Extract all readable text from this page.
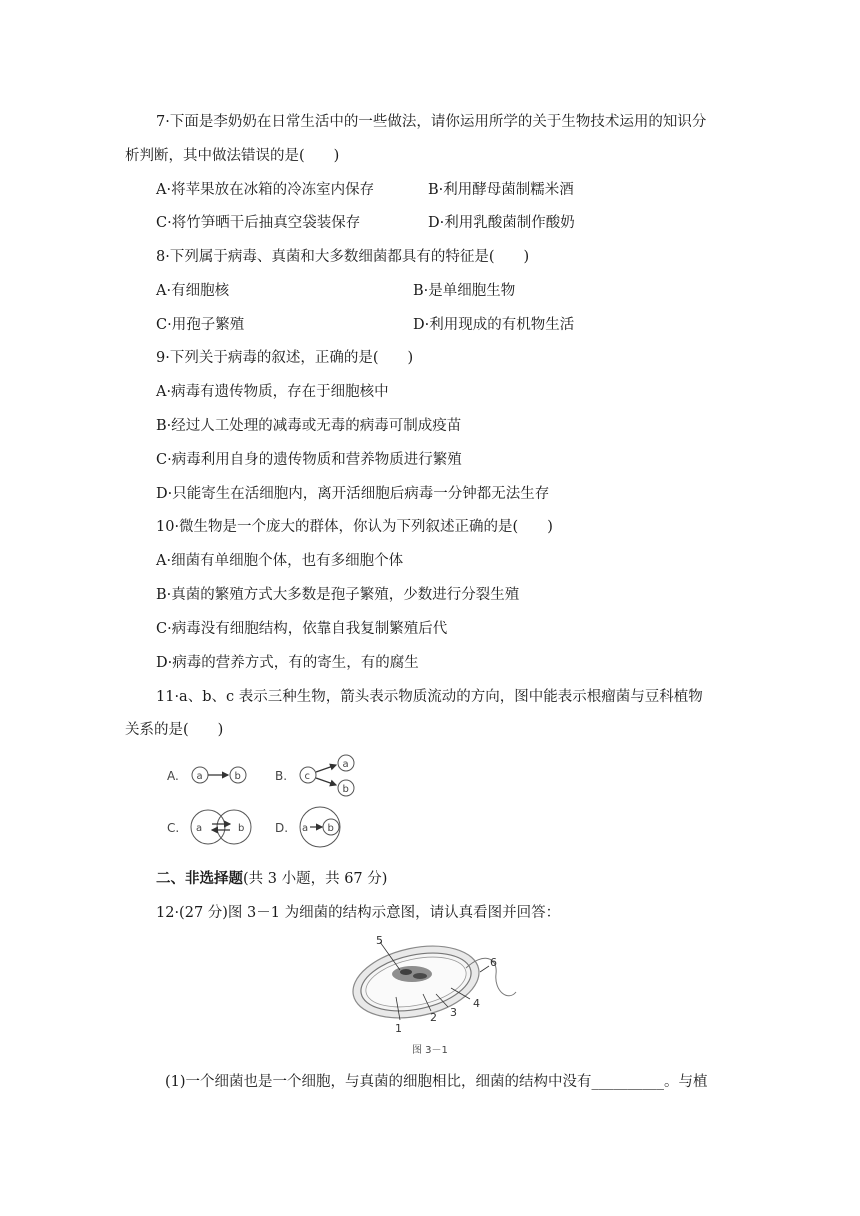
7·下面是李奶奶在日常生活中的一些做法，请你运用所学的关于生物技术运用的知识分
析判断，其中做法错误的是(　　)
A·将苹果放在冰箱的冷冻室内保存	B·利用酵母菌制糯米酒
C·将竹笋晒干后抽真空袋装保存	D·利用乳酸菌制作酸奶
8·下列属于病毒、真菌和大多数细菌都具有的特征是(　　)
A·有细胞核	B·是单细胞生物
C·用孢子繁殖	D·利用现成的有机物生活
9·下列关于病毒的叙述，正确的是(　　)
A·病毒有遗传物质，存在于细胞核中
B·经过人工处理的减毒或无毒的病毒可制成疫苗
C·病毒利用自身的遗传物质和营养物质进行繁殖
D·只能寄生在活细胞内，离开活细胞后病毒一分钟都无法生存
10·微生物是一个庞大的群体，你认为下列叙述正确的是(　　)
A·细菌有单细胞个体，也有多细胞个体
B·真菌的繁殖方式大多数是孢子繁殖，少数进行分裂生殖
C·病毒没有细胞结构，依靠自我复制繁殖后代
D·病毒的营养方式，有的寄生，有的腐生
11·a、b、c 表示三种生物，箭头表示物质流动的方向，图中能表示根瘤菌与豆科植物
关系的是(　　)
A. a	b	B. c
a
b
C. a	b	D. a b
二、非选择题(共 3 小题，共 67 分)
12·(27 分)图 3－1 为细菌的结构示意图，请认真看图并回答：
1
2 3
4
5
6
图 3－1
(1)一个细菌也是一个细胞，与真菌的细胞相比，细菌的结构中没有__________。与植
